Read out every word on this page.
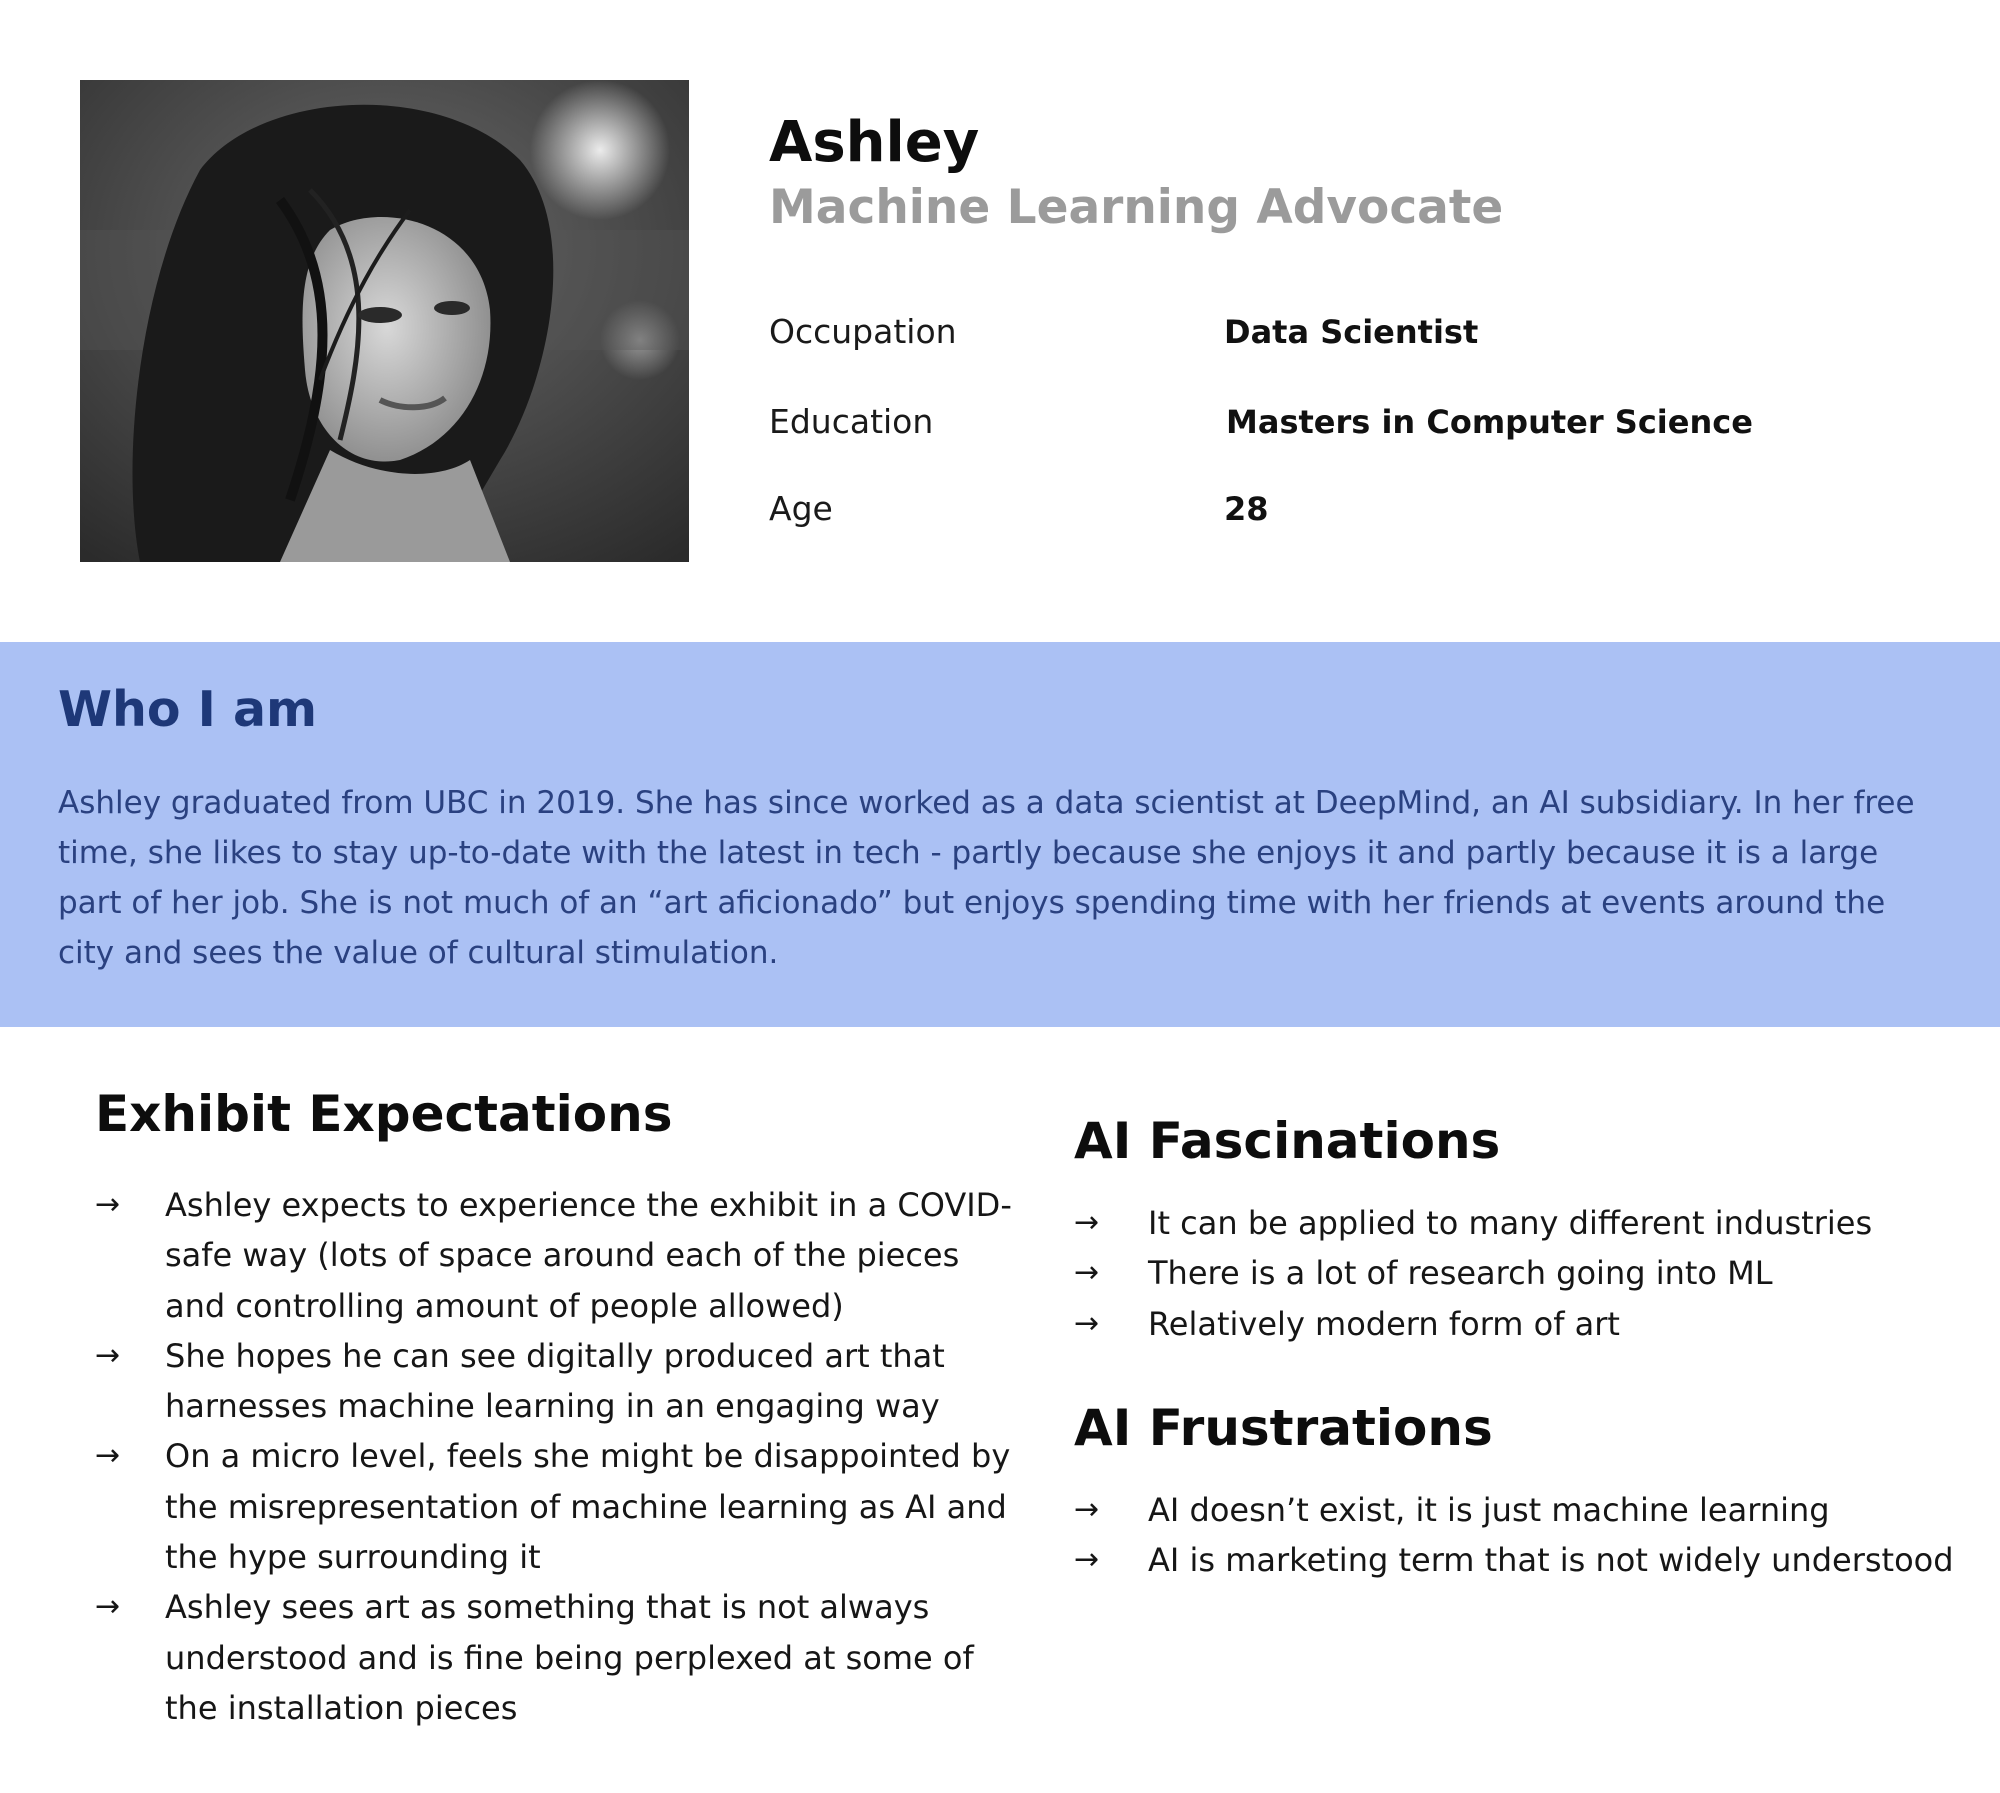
Ashley
Machine Learning Advocate
Occupation	Data Scientist
Education	Masters in Computer Science
Age	28
Who I am

Ashley graduated from UBC in 2019. She has since worked as a data scientist at DeepMind, an AI subsidiary. In her free time, she likes to stay up-to-date with the latest in tech - partly because she enjoys it and partly because it is a large part of her job. She is not much of an “art aficionado” but enjoys spending time with her friends at events around the city and sees the value of cultural stimulation.

Exhibit Expectations
→ Ashley expects to experience the exhibit in a COVID-safe way (lots of space around each of the pieces and controlling amount of people allowed)
→ She hopes he can see digitally produced art that harnesses machine learning in an engaging way
→ On a micro level, feels she might be disappointed by the misrepresentation of machine learning as AI and the hype surrounding it
→ Ashley sees art as something that is not always understood and is fine being perplexed at some of the installation pieces
AI Fascinations
→ It can be applied to many different industries
→ There is a lot of research going into ML
→ Relatively modern form of art
AI Frustrations
→ AI doesn’t exist, it is just machine learning
→ AI is marketing term that is not widely understood
